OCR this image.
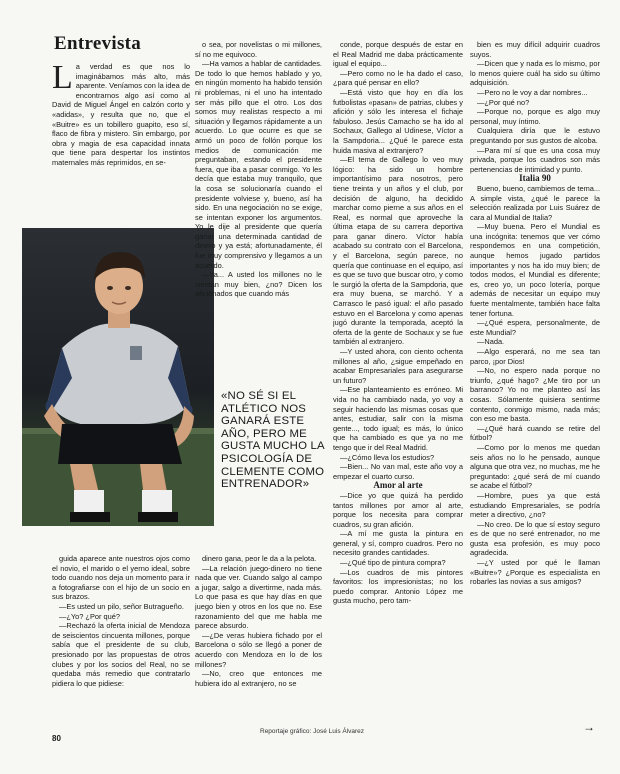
Entrevista
L a verdad es que nos lo imaginábamos más alto, más aparente. Veníamos con la idea de encontrarnos algo así como al David de Miguel Ángel en calzón corto y «adidas», y resulta que no, que el «Buitre» es un tobillero guapito, eso sí, flaco de fibra y mistero. Sin embargo, por obra y magia de esa capacidad innata que tiene para despertar los instintos maternales más reprimidos, en se-

o sea, por novelistas o mi millones, sí no me equivoco.

—Ha vamos a hablar de cantidades. De todo lo que hemos hablado y yo, en ningún momento ha habido tensión ni problemas, ni el uno ha intentado ser más pillo que el otro. Los dos somos muy realistas respecto a mi situación y llegamos rápidamente a un acuerdo. Lo que ocurre es que se armó un poco de follón porque los medios de comunicación me preguntaban, estando el presidente fuera, que iba a pasar conmigo. Yo les decía que estaba muy tranquilo, que la cosa se solucionaría cuando el presidente volviese y, bueno, así ha sido. En una negociación no se exige, se intentan exponer los argumentos. Yo le dije al presidente que quería ganar una determinada cantidad de dinero y ya está; afortunadamente, él fue muy comprensivo y llegamos a un acuerdo.

—Ya... A usted los millones no le sientan muy bien, ¿no? Dicen los aficionados que cuando más

«NO SÉ SI EL ATLÉTICO NOS GANARÁ ESTE AÑO, PERO ME GUSTA MUCHO LA PSICOLOGÍA DE CLEMENTE COMO ENTRENADOR»

guida aparece ante nuestros ojos como el novio, el marido o el yerno ideal, sobre todo cuando nos deja un momento para ir a fotografiarse con el hijo de un socio en sus brazos.

—Es usted un pilo, señor Butragueño.

—¿Yo? ¿Por qué?

—Rechazó la oferta inicial de Mendoza de seiscientos cincuenta millones, porque sabía que el presidente de su club, presionado por las propuestas de otros clubes y por los socios del Real, no se quedaba más remedio que contratarlo pidiera lo que pidiese:

dinero gana, peor le da a la pelota.

—La relación juego-dinero no tiene nada que ver. Cuando salgo al campo a jugar, salgo a divertirme, nada más. Lo que pasa es que hay días en que juego bien y otros en los que no. Ese razonamiento del que me habla me parece absurdo.

—¿De veras hubiera fichado por el Barcelona o sólo se llegó a poner de acuerdo con Mendoza en lo de los millones?

—No, creo que entonces me hubiera ido al extranjero, no se

conde, porque después de estar en el Real Madrid me daba prácticamente igual el equipo...

—Pero como no le ha dado el caso, ¿para qué pensar en ello?

—Está visto que hoy en día los futbolistas «pasan» de patrias, clubes y afición y sólo les interesa el fichaje fabuloso. Jesús Camacho se ha ido al Sochaux, Gallego al Udinese, Víctor a la Sampdoria... ¿Qué le parece esta huida masiva al extranjero?

—El tema de Gallego lo veo muy lógico: ha sido un hombre importantísimo para nosotros, pero tiene treinta y un años y el club, por decisión de alguno, ha decidido marchar como pierne a sus años en el Real, es normal que aproveche la última etapa de su carrera deportiva para ganar dinero. Víctor había acabado su contrato con el Barcelona, y el Barcelona, según parece, no quería que continuase en el equipo, así es que se tuvo que buscar otro, y como le surgió la oferta de la Sampdoria, que era muy buena, se marchó. Y a Carrasco le pasó igual: el año pasado estuvo en el Barcelona y como apenas jugó durante la temporada, aceptó la oferta de la gente de Sochaux y se fue también al extranjero.

—Y usted ahora, con ciento ochenta millones al año, ¿sigue empeñado en acabar Empresariales para asegurarse un futuro?

—Ese planteamiento es erróneo. Mi vida no ha cambiado nada, yo voy a seguir haciendo las mismas cosas que antes, estudiar, salir con la misma gente..., todo igual; es más, lo único que ha cambiado es que ya no me tengo que ir del Real Madrid.

—¿Cómo lleva los estudios?

—Bien... No van mal, este año voy a empezar el cuarto curso.

Amor al arte

—Dice yo que quizá ha perdido tantos millones por amor al arte, porque los necesita para comprar cuadros, su gran afición.

—A mí me gusta la pintura en general, y sí, compro cuadros. Pero no necesito grandes cantidades.

—¿Qué tipo de pintura compra?

—Los cuadros de mis pintores favoritos: los impresionistas; no los puedo comprar. Antonio López me gusta mucho, pero tam-

bien es muy difícil adquirir cuadros suyos.

—Dicen que y nada es lo mismo, por lo menos quiere cuál ha sido su último adquisición.

—Pero no le voy a dar nombres...

—¿Por qué no?

—Porque no, porque es algo muy personal, muy íntimo.

Cualquiera diría que le estuvo preguntando por sus gustos de alcoba.

—Para mí sí que es una cosa muy privada, porque los cuadros son más pertenencias de intimidad y punto.

Italia 90

Bueno, bueno, cambiemos de tema... A simple vista, ¿qué le parece la selección realizada por Luis Suárez de cara al Mundial de Italia?

—Muy buena. Pero el Mundial es una incógnita: tenemos que ver cómo respondemos en una competición, aunque hemos jugado partidos importantes y nos ha ido muy bien; de todos modos, el Mundial es diferente; es, creo yo, un poco lotería, porque además de necesitar un equipo muy fuerte mentalmente, también hace falta tener fortuna.

—¿Qué espera, personalmente, de este Mundial?

—Nada.

—Algo esperará, no me sea tan parco, ¡por Dios!

—No, no espero nada porque no triunfo, ¿qué hago? ¿Me tiro por un barranco? Yo no me planteo así las cosas. Sólamente quisiera sentirme contento, conmigo mismo, nada más; con eso me basta.

—¿Qué hará cuando se retire del fútbol?

—Como por lo menos me quedan seis años no lo he pensado, aunque alguna que otra vez, no muchas, me he preguntado: ¿qué será de mí cuando se acabe el fútbol?

—Hombre, pues ya que está estudiando Empresariales, se podría meter a directivo, ¿no?

—No creo. De lo que sí estoy seguro es de que no seré entrenador, no me gusta esa profesión, es muy poco agradecida.

—¿Y usted por qué le llaman «Buitre»? ¿Porque es especialista en robarles las novias a sus amigos?

80
Reportaje gráfico: José Luis Álvarez	→
